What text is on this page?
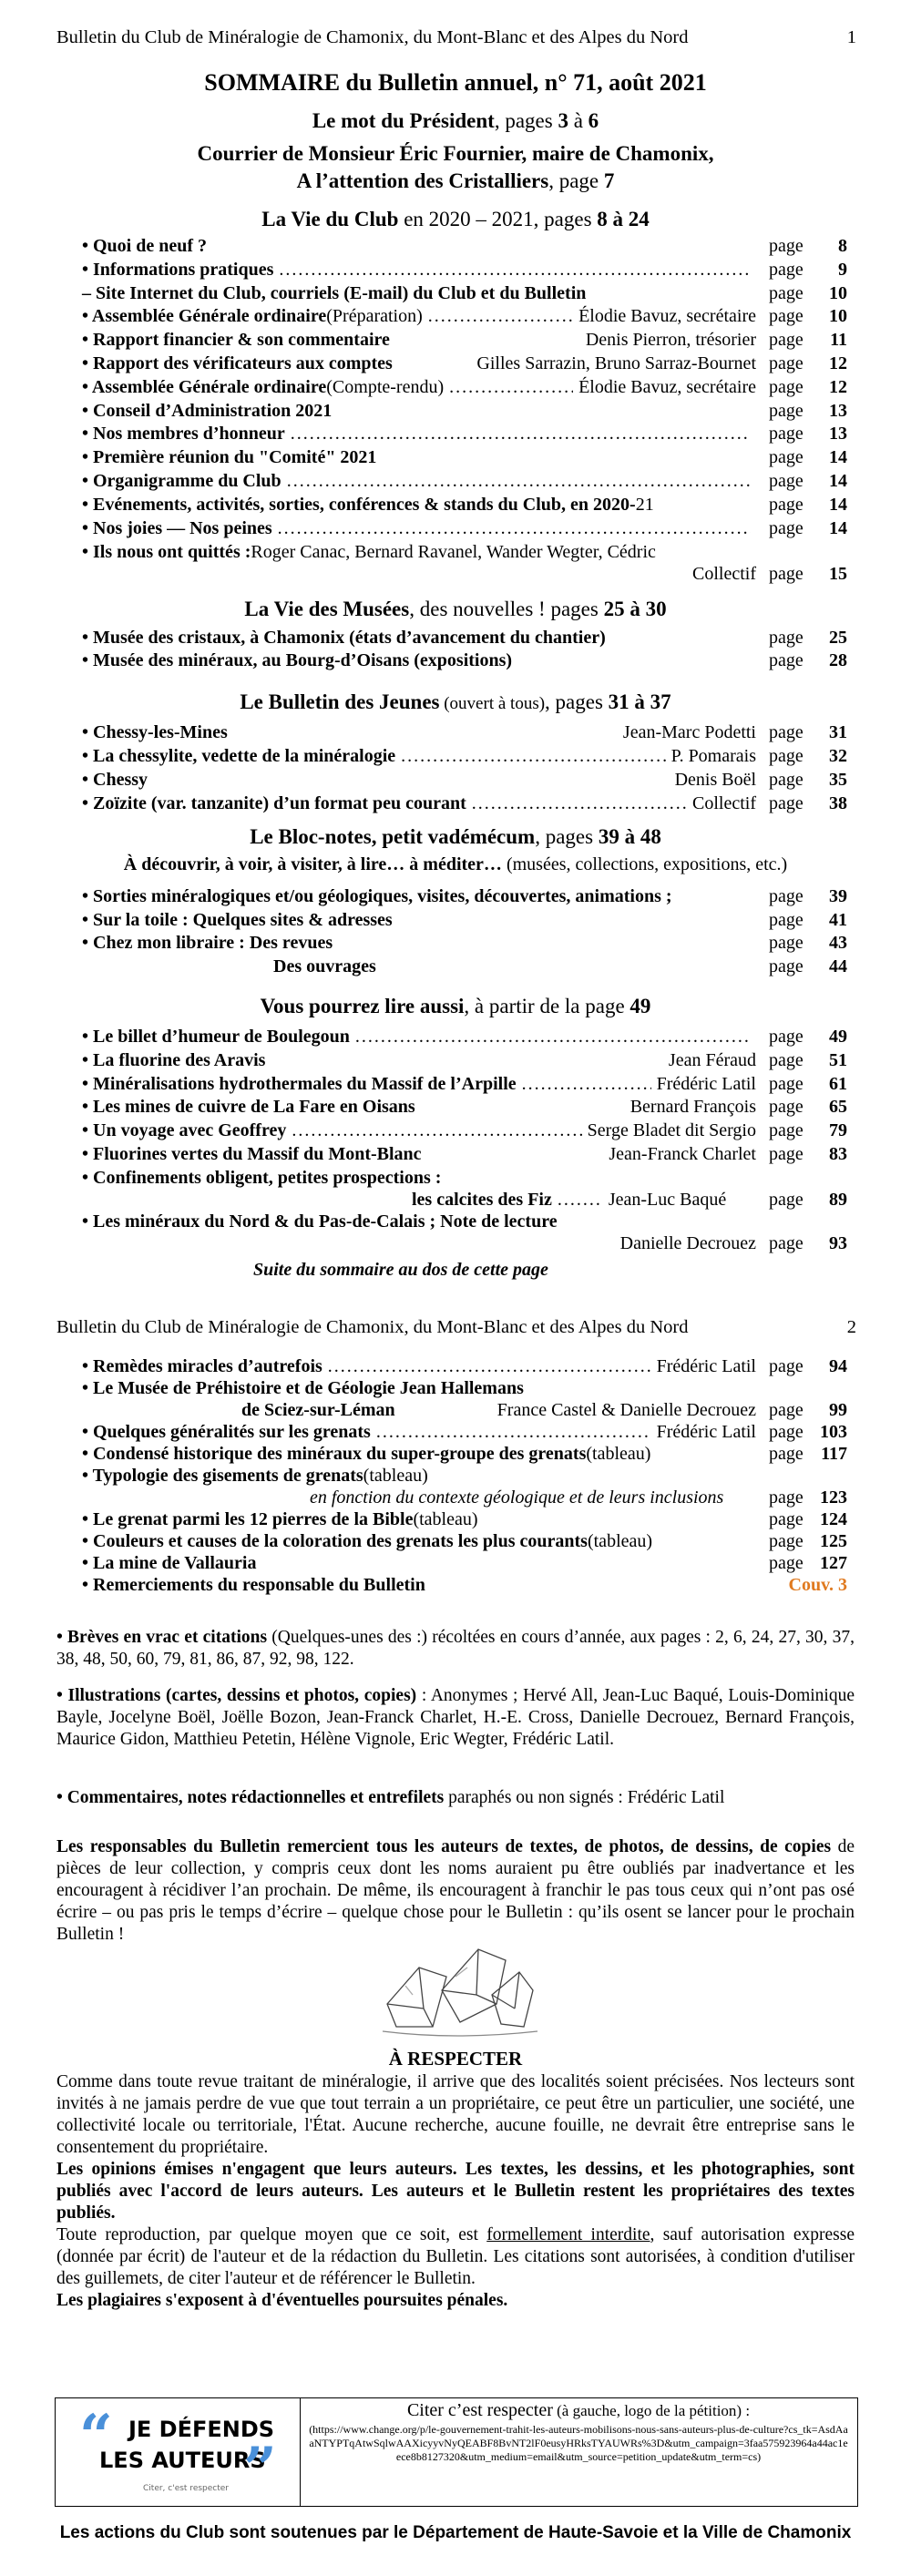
Bulletin du Club de Minéralogie de Chamonix, du Mont-Blanc et des Alpes du Nord	1
SOMMAIRE du Bulletin annuel, n° 71, août 2021
Le mot du Président, pages 3 à 6
Courrier de Monsieur Éric Fournier, maire de Chamonix,
A l’attention des Cristalliers, page 7
La Vie du Club en 2020 – 2021, pages 8 à 24
• Quoi de neuf ?	page	8
• Informations pratiques .....	page	9
– Site Internet du Club, courriels (E-mail) du Club et du Bulletin	page	10
• Assemblée Générale ordinaire (Préparation) .....	Élodie Bavuz, secrétaire page	10
• Rapport financier & son commentaire	Denis Pierron, trésorier page	11
• Rapport des vérificateurs aux comptes	Gilles Sarrazin, Bruno Sarraz-Bournet page	12
• Assemblée Générale ordinaire (Compte-rendu) .....	Élodie Bavuz, secrétaire page	12
• Conseil d’Administration 2021	page	13
• Nos membres d’honneur .....	page	13
• Première réunion du "Comité" 2021	page	14
• Organigramme du Club .....	page	14
• Evénements, activités, sorties, conférences & stands du Club, en 2020- 21	page	14
• Nos joies — Nos peines .....	page	14
• Ils nous ont quittés : Roger Canac, Bernard Ravanel, Wander Wegter, Cédric
Collectif page	15
La Vie des Musées, des nouvelles ! pages 25 à 30
• Musée des cristaux, à Chamonix (états d’avancement du chantier)	page	25
• Musée des minéraux, au Bourg-d’Oisans (expositions)	page	28
Le Bulletin des Jeunes (ouvert à tous), pages 31 à 37
• Chessy-les-Mines	Jean-Marc Podetti page	31
• La chessylite, vedette de la minéralogie .....	P. Pomarais page	32
• Chessy	Denis Boël page	35
• Zoïzite (var. tanzanite) d’un format peu courant .....	Collectif page	38
Le Bloc-notes, petit vadémécum, pages 39 à 48
À découvrir, à voir, à visiter, à lire… à méditer… (musées, collections, expositions, etc.)
• Sorties minéralogiques et/ou géologiques, visites, découvertes, animations ;	page	39
• Sur la toile : Quelques sites & adresses	page	41
• Chez mon libraire : Des revues	page	43
Des ouvrages	page	44
Vous pourrez lire aussi, à partir de la page 49
• Le billet d’humeur de Boulegoun .....	page	49
• La fluorine des Aravis	Jean Féraud page	51
• Minéralisations hydrothermales du Massif de l’Arpille .....	Frédéric Latil page	61
• Les mines de cuivre de La Fare en Oisans	Bernard François page	65
• Un voyage avec Geoffrey .....	Serge Bladet dit Sergio page	79
• Fluorines vertes du Massif du Mont-Blanc	Jean-Franck Charlet page	83
• Confinements obligent, petites prospections :
les calcites des Fiz .....	Jean-Luc Baqué	page	89
• Les minéraux du Nord & du Pas-de-Calais ; Note de lecture
Danielle Decrouez page	93
Suite du sommaire au dos de cette page
Bulletin du Club de Minéralogie de Chamonix, du Mont-Blanc et des Alpes du Nord	2
• Remèdes miracles d’autrefois .....	Frédéric Latil page	94
• Le Musée de Préhistoire et de Géologie Jean Hallemans
de Sciez-sur-Léman	France Castel & Danielle Decrouez page	99
• Quelques généralités sur les grenats .....	Frédéric Latil page 103
• Condensé historique des minéraux du super-groupe des grenats (tableau)	page 117
• Typologie des gisements de grenats (tableau)
en fonction du contexte géologique et de leurs inclusions page 123
• Le grenat parmi les 12 pierres de la Bible (tableau)	page 124
• Couleurs et causes de la coloration des grenats les plus courants (tableau)	page 125
• La mine de Vallauria	page 127
• Remerciements du responsable du Bulletin	Couv. 3
• Brèves en vrac et citations (Quelques-unes des :) récoltées en cours d’année, aux pages : 2, 6, 24, 27, 30, 37, 38, 48, 50, 60, 79, 81, 86, 87, 92, 98, 122.
• Illustrations (cartes, dessins et photos, copies) : Anonymes ; Hervé All, Jean-Luc Baqué, Louis-Dominique Bayle, Jocelyne Boël, Joëlle Bozon, Jean-Franck Charlet, H.-E. Cross, Danielle Decrouez, Bernard François, Maurice Gidon, Matthieu Petetin, Hélène Vignole, Eric Wegter, Frédéric Latil.
• Commentaires, notes rédactionnelles et entrefilets paraphés ou non signés : Frédéric Latil
Les responsables du Bulletin remercient tous les auteurs de textes, de photos, de dessins, de copies de pièces de leur collection, y compris ceux dont les noms auraient pu être oubliés par inadvertance et les encouragent à récidiver l’an prochain. De même, ils encouragent à franchir le pas tous ceux qui n’ont pas osé écrire – ou pas pris le temps d’écrire – quelque chose pour le Bulletin : qu’ils osent se lancer pour le prochain Bulletin !
À RESPECTER
Comme dans toute revue traitant de minéralogie, il arrive que des localités soient précisées. Nos lecteurs sont invités à ne jamais perdre de vue que tout terrain a un propriétaire, ce peut être un particulier, une société, une collectivité locale ou territoriale, l'État. Aucune recherche, aucune fouille, ne devrait être entreprise sans le consentement du propriétaire.
Les opinions émises n'engagent que leurs auteurs. Les textes, les dessins, et les photographies, sont publiés avec l'accord de leurs auteurs. Les auteurs et le Bulletin restent les propriétaires des textes publiés.
Toute reproduction, par quelque moyen que ce soit, est formellement interdite, sauf autorisation expresse (donnée par écrit) de l'auteur et de la rédaction du Bulletin. Les citations sont autorisées, à condition d'utiliser des guillemets, de citer l'auteur et de référencer le Bulletin.
Les plagiaires s'exposent à d'éventuelles poursuites pénales.
“ JE DÉFENDS
LES AUTEURS
”
Citer, c'est respecter
Citer c’est respecter (à gauche, logo de la pétition) :
(https://www.change.org/p/le-gouvernement-trahit-les-auteurs-mobilisons-nous-sans-auteurs-plus-de-culture?cs_tk=AsdAaaNTYPTqAtwSqlwAAXicyyvNyQEABF8BvNT2lF0eusyHRksTYAUWRs%3D&utm_campaign=3faa575923964a44ac1eece8b8127320&utm_medium=email&utm_source=petition_update&utm_term=cs)
Les actions du Club sont soutenues par le Département de Haute-Savoie et la Ville de Chamonix
